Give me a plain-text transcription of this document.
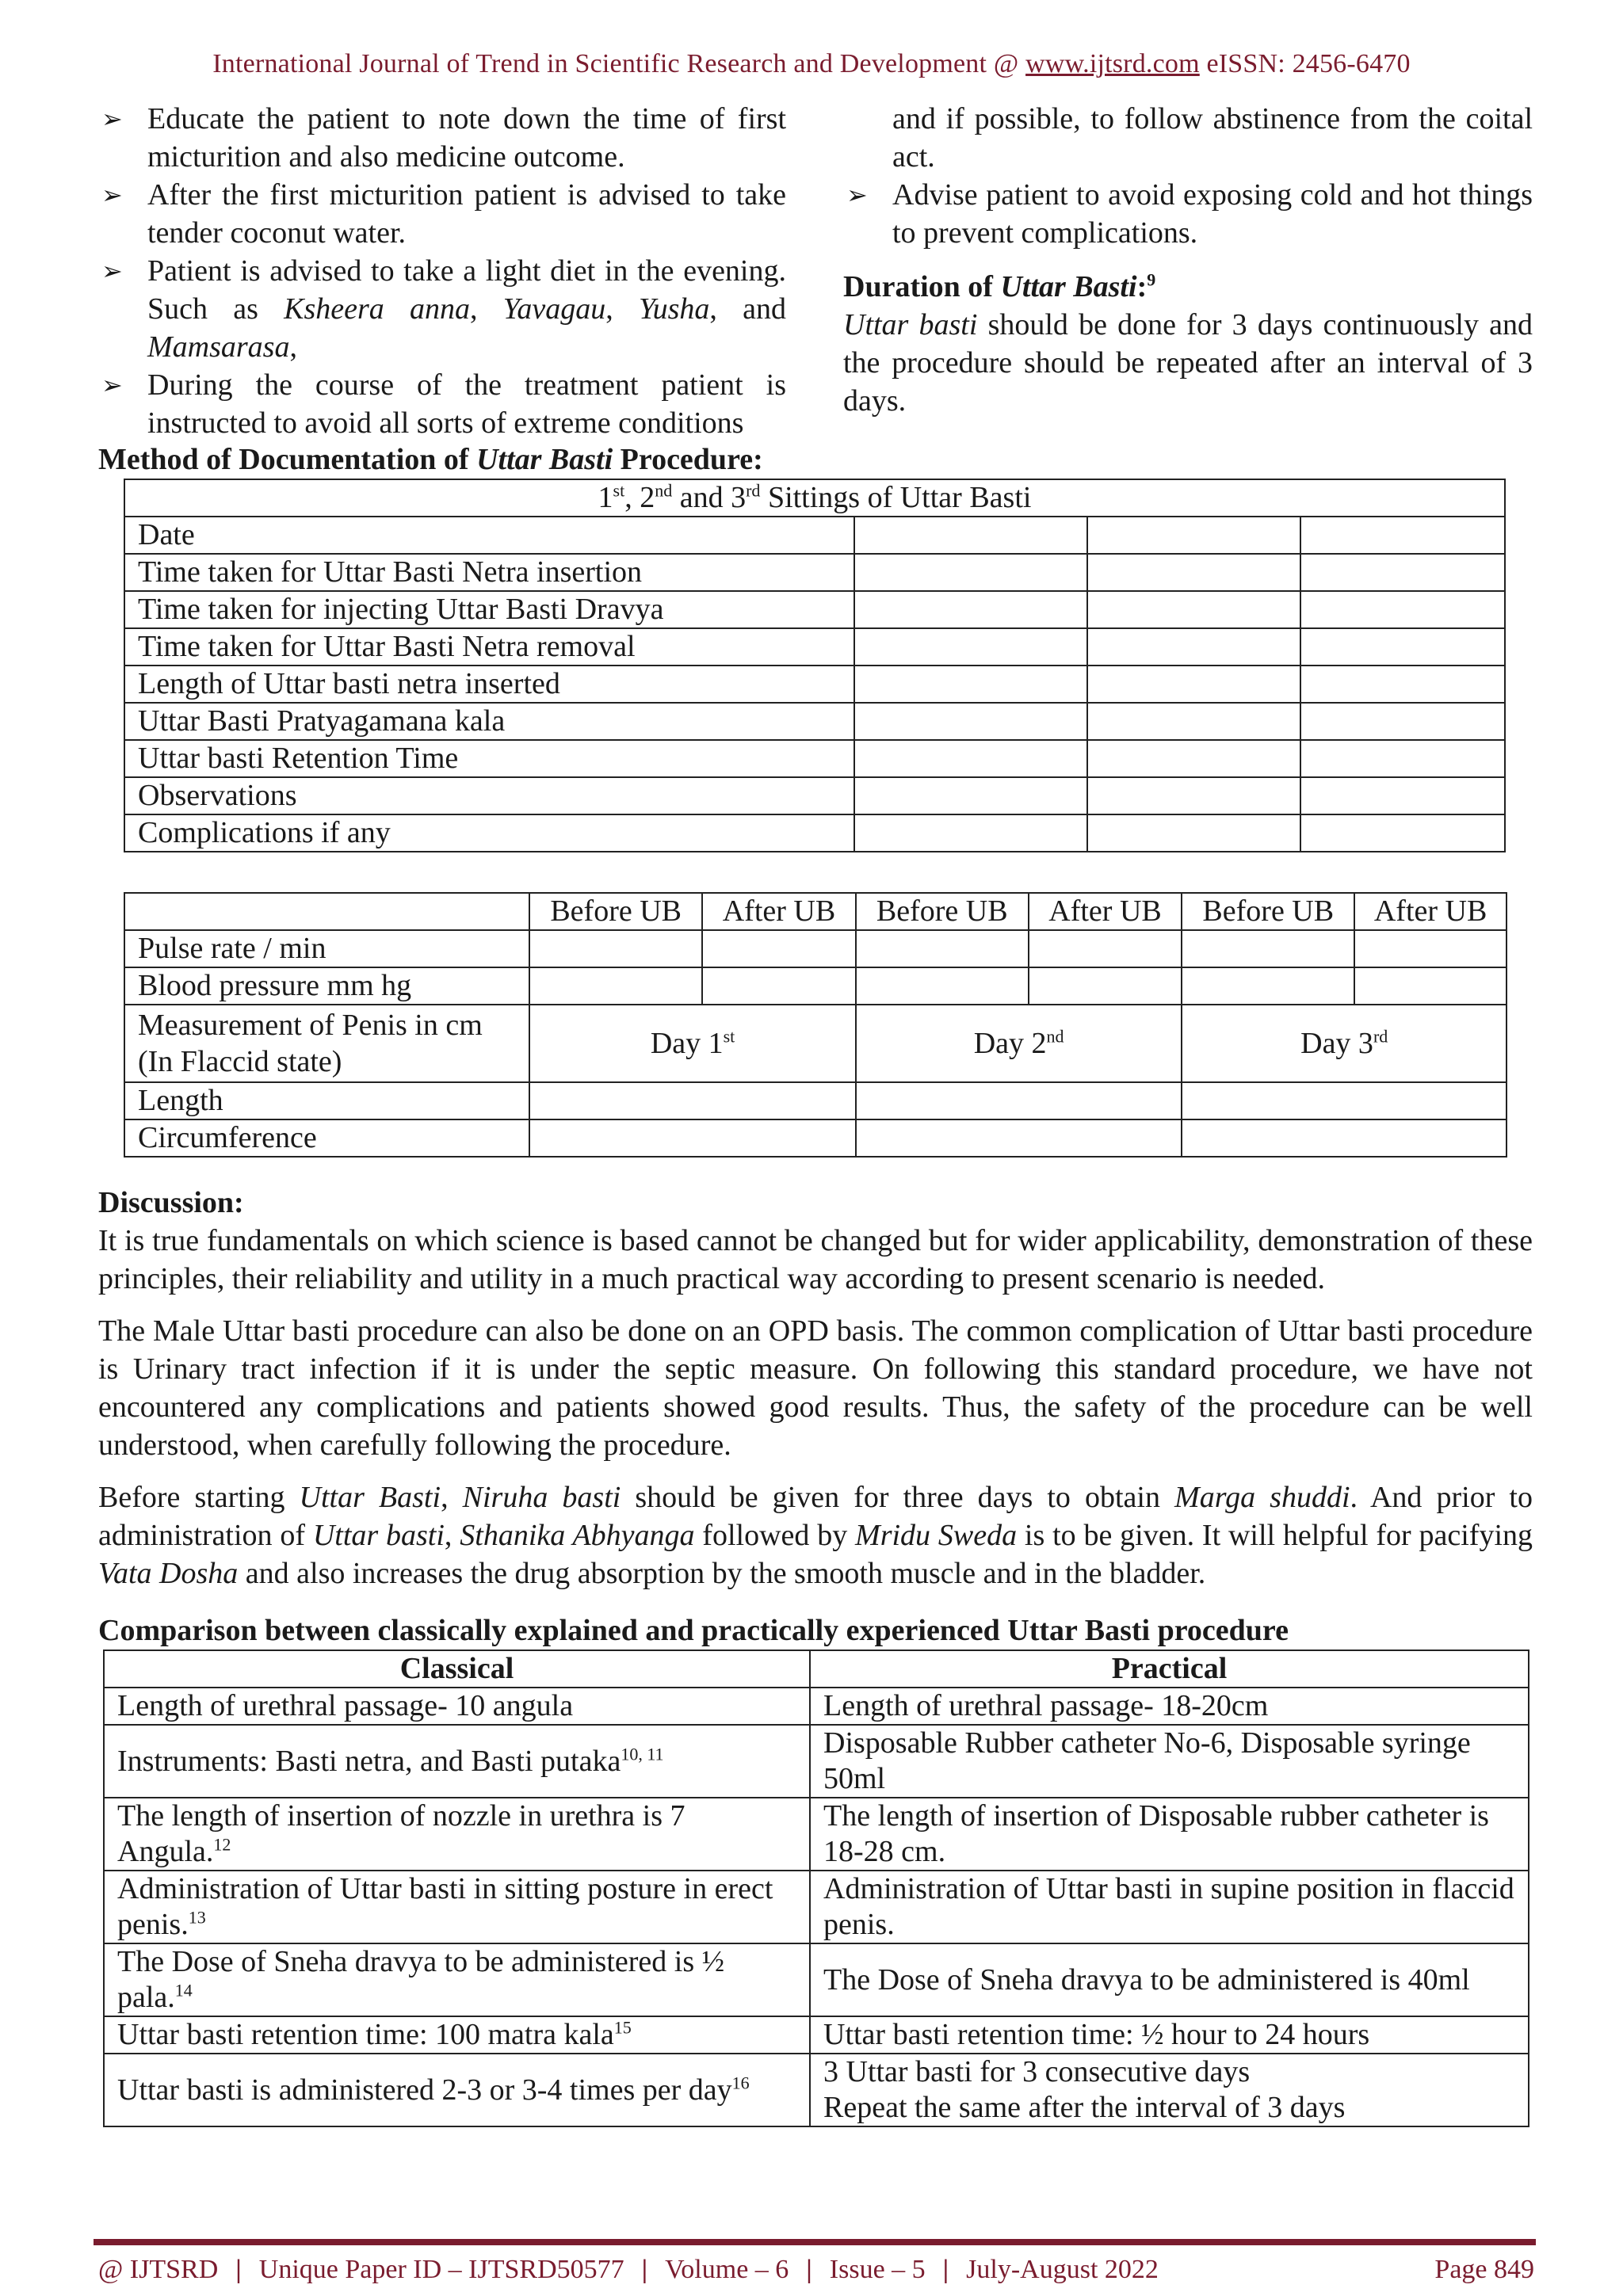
International Journal of Trend in Scientific Research and Development @ www.ijtsrd.com eISSN: 2456-6470

➢ Educate the patient to note down the time of first micturition and also medicine outcome.

➢ After the first micturition patient is advised to take tender coconut water.

➢ Patient is advised to take a light diet in the evening. Such as Ksheera anna, Yavagau, Yusha, and Mamsarasa,

➢ During the course of the treatment patient is instructed to avoid all sorts of extreme conditions

and if possible, to follow abstinence from the coital act.

➢ Advise patient to avoid exposing cold and hot things to prevent complications.

Duration of Uttar Basti:$^9$

Uttar basti should be done for 3 days continuously and the procedure should be repeated after an interval of 3 days.

Method of Documentation of Uttar Basti Procedure:
1st, 2nd and 3rd Sittings of Uttar Basti			
Date			
Time taken for Uttar Basti Netra insertion			
Time taken for injecting Uttar Basti Dravya			
Time taken for Uttar Basti Netra removal			
Length of Uttar basti netra inserted			
Uttar Basti Pratyagamana kala			
Uttar basti Retention Time			
Observations			
Complications if any			
	Before UB	After UB	Before UB	After UB	Before UB	After UB
Pulse rate / min						
Blood pressure mm hg						
Measurement of Penis in cm
(In Flaccid state)	Day 1st		Day 2nd		Day 3rd
Length						
Circumference						
Discussion:
It is true fundamentals on which science is based cannot be changed but for wider applicability, demonstration of these principles, their reliability and utility in a much practical way according to present scenario is needed.
The Male Uttar basti procedure can also be done on an OPD basis. The common complication of Uttar basti procedure is Urinary tract infection if it is under the septic measure. On following this standard procedure, we have not encountered any complications and patients showed good results. Thus, the safety of the procedure can be well understood, when carefully following the procedure.
Before starting Uttar Basti, Niruha basti should be given for three days to obtain Marga shuddi. And prior to administration of Uttar basti, Sthanika Abhyanga followed by Mridu Sweda is to be given. It will helpful for pacifying Vata Dosha and also increases the drug absorption by the smooth muscle and in the bladder.
Comparison between classically explained and practically experienced Uttar Basti procedure
Classical	Practical
Length of urethral passage- 10 angula	Length of urethral passage- 18-20cm
Instruments: Basti netra, and Basti putaka$^{10, 11}$	Disposable Rubber catheter No-6, Disposable syringe 50ml
The length of insertion of nozzle in urethra is 7 Angula.$^{12}$	The length of insertion of Disposable rubber catheter is 18-28 cm.
Administration of Uttar basti in sitting posture in erect penis.$^{13}$	Administration of Uttar basti in supine position in flaccid penis.
The Dose of Sneha dravya to be administered is ½ pala.$^{14}$	The Dose of Sneha dravya to be administered is 40ml
Uttar basti retention time: 100 matra kala$^{15}$	Uttar basti retention time: ½ hour to 24 hours
Uttar basti is administered 2-3 or 3-4 times per day$^{16}$	3 Uttar basti for 3 consecutive days
Repeat the same after the interval of 3 days
@ IJTSRD | Unique Paper ID – IJTSRD50577 | Volume – 6 | Issue – 5 | July-August 2022	Page 849
